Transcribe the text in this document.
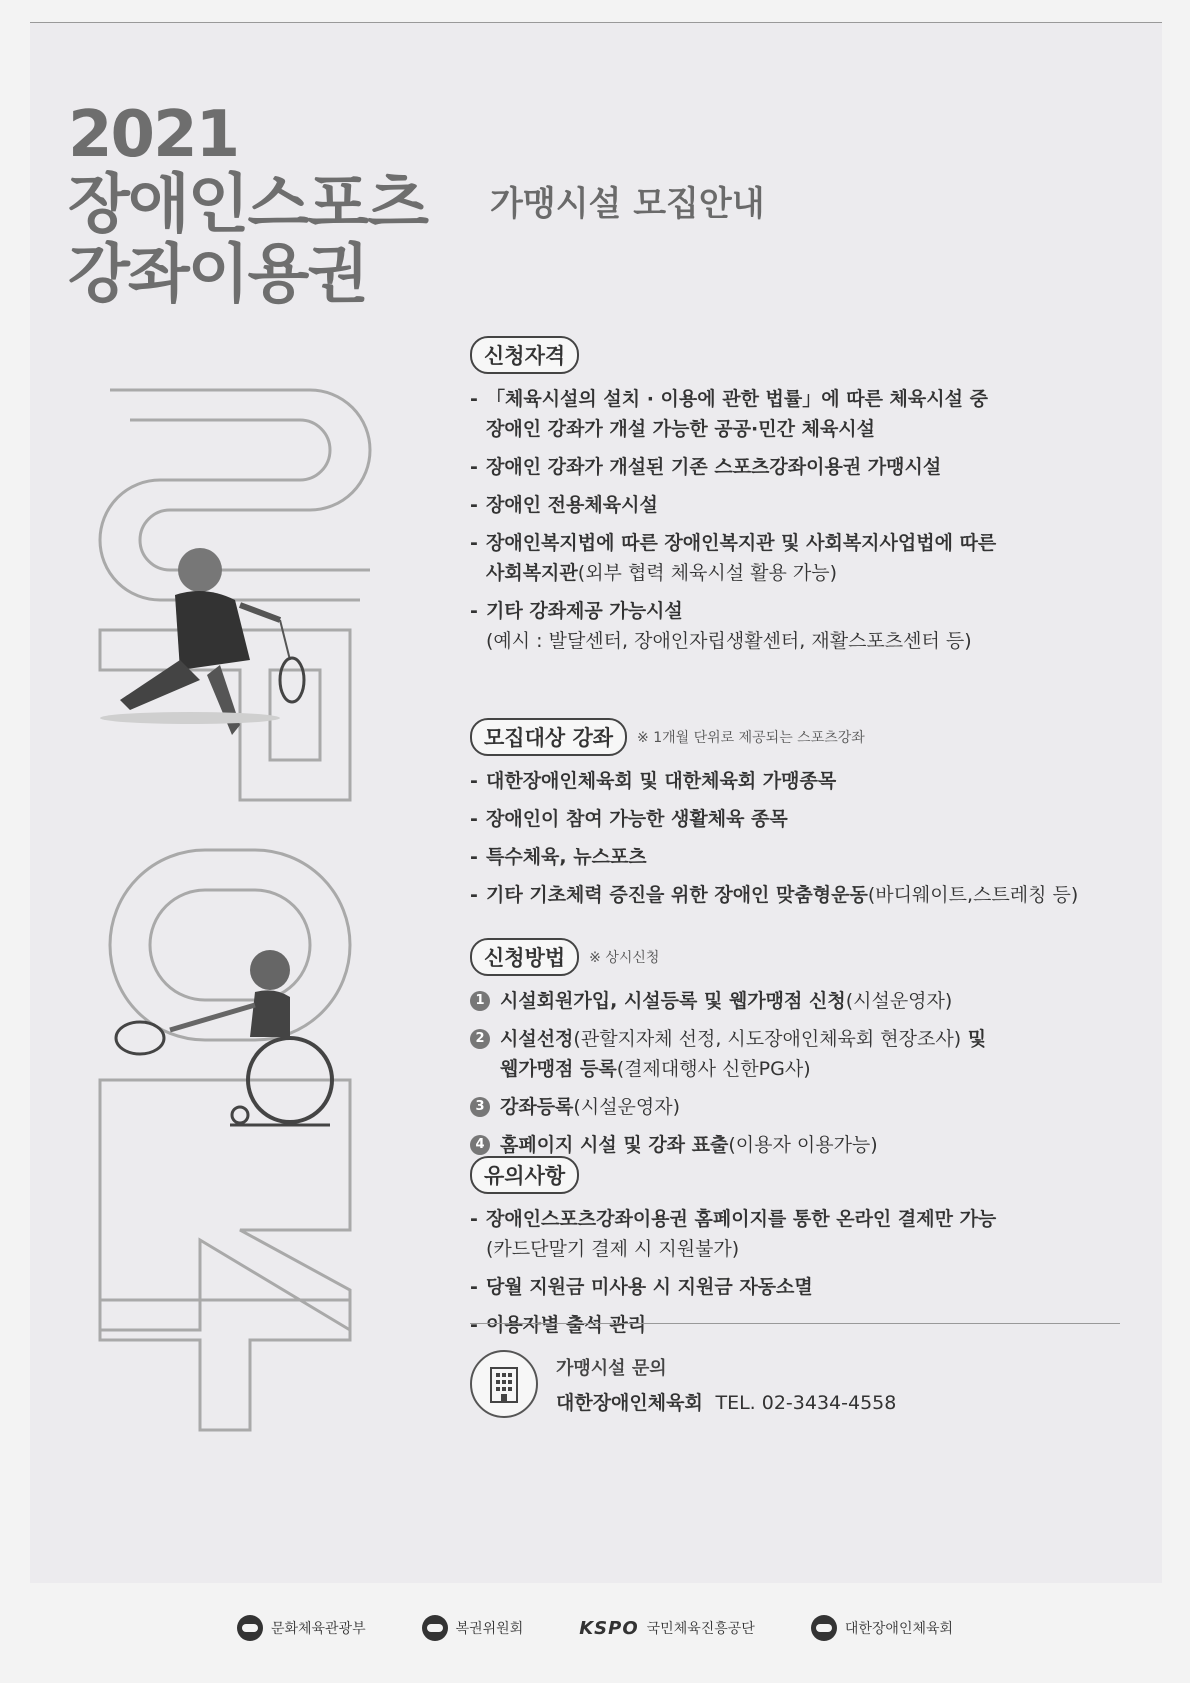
2021
장애인스포츠
강좌이용권
가맹시설 모집안내
신청자격
- 「체육시설의 설치 · 이용에 관한 법률」에 따른 체육시설 중
장애인 강좌가 개설 가능한 공공·민간 체육시설
- 장애인 강좌가 개설된 기존 스포츠강좌이용권 가맹시설
- 장애인 전용체육시설
- 장애인복지법에 따른 장애인복지관 및 사회복지사업법에 따른
사회복지관(외부 협력 체육시설 활용 가능)
- 기타 강좌제공 가능시설
(예시 : 발달센터, 장애인자립생활센터, 재활스포츠센터 등)
모집대상 강좌	※ 1개월 단위로 제공되는 스포츠강좌
- 대한장애인체육회 및 대한체육회 가맹종목
- 장애인이 참여 가능한 생활체육 종목
- 특수체육, 뉴스포츠
- 기타 기초체력 증진을 위한 장애인 맞춤형운동(바디웨이트,스트레칭 등)
신청방법	※ 상시신청
1 시설회원가입, 시설등록 및 웹가맹점 신청(시설운영자)
2 시설선정(관할지자체 선정, 시도장애인체육회 현장조사) 및
웹가맹점 등록(결제대행사 신한PG사)
3 강좌등록(시설운영자)
4 홈페이지 시설 및 강좌 표출(이용자 이용가능)
유의사항
- 장애인스포츠강좌이용권 홈페이지를 통한 온라인 결제만 가능
(카드단말기 결제 시 지원불가)
- 당월 지원금 미사용 시 지원금 자동소멸
- 이용자별 출석 관리
가맹시설 문의
대한장애인체육회 TEL. 02-3434-4558
문화체육관광부	복권위원회	KSPO 국민체육진흥공단	대한장애인체육회
